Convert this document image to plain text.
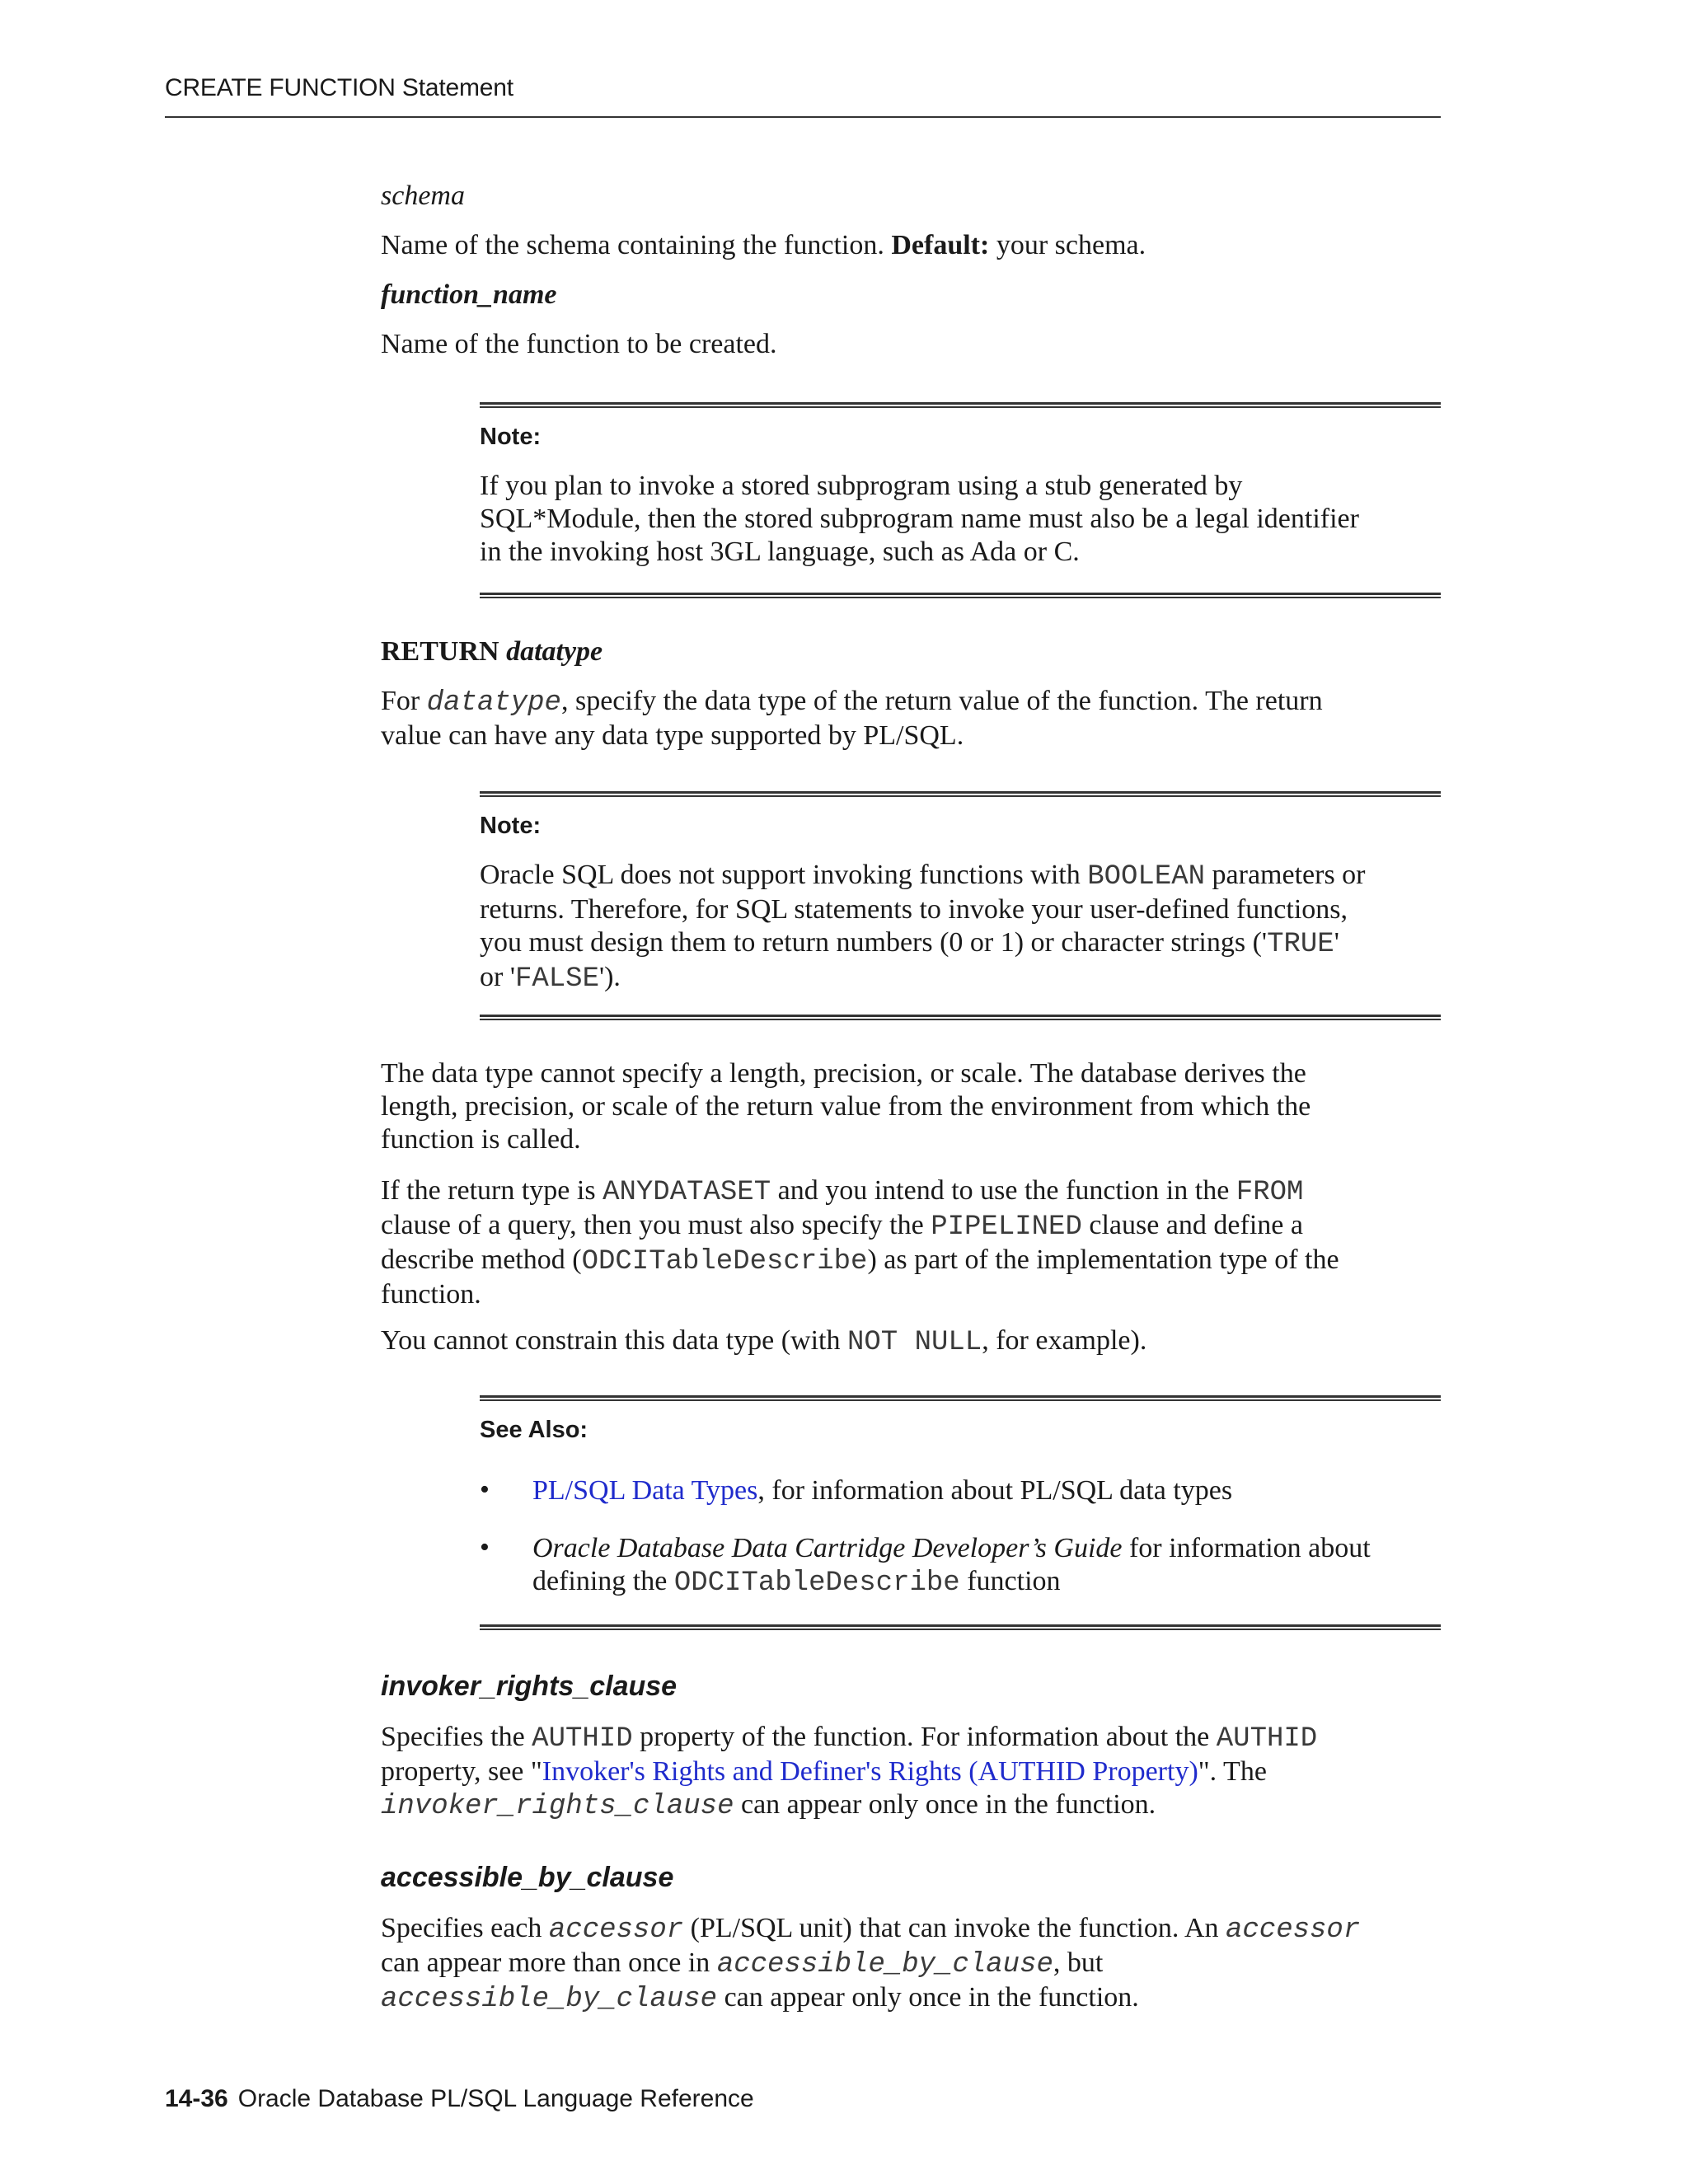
CREATE FUNCTION Statement
schema
Name of the schema containing the function. Default: your schema.
function_name
Name of the function to be created.
Note:
If you plan to invoke a stored subprogram using a stub generated by
SQL*Module, then the stored subprogram name must also be a legal identifier
in the invoking host 3GL language, such as Ada or C.
RETURN datatype
For datatype, specify the data type of the return value of the function. The return
value can have any data type supported by PL/SQL.
Note:
Oracle SQL does not support invoking functions with BOOLEAN parameters or
returns. Therefore, for SQL statements to invoke your user-defined functions,
you must design them to return numbers (0 or 1) or character strings ('TRUE'
or 'FALSE').
The data type cannot specify a length, precision, or scale. The database derives the
length, precision, or scale of the return value from the environment from which the
function is called.
If the return type is ANYDATASET and you intend to use the function in the FROM
clause of a query, then you must also specify the PIPELINED clause and define a
describe method (ODCITableDescribe) as part of the implementation type of the
function.
You cannot constrain this data type (with NOT NULL, for example).
See Also:
• PL/SQL Data Types, for information about PL/SQL data types
• Oracle Database Data Cartridge Developer’s Guide for information about
defining the ODCITableDescribe function
invoker_rights_clause
Specifies the AUTHID property of the function. For information about the AUTHID
property, see "Invoker's Rights and Definer's Rights (AUTHID Property)". The
invoker_rights_clause can appear only once in the function.
accessible_by_clause
Specifies each accessor (PL/SQL unit) that can invoke the function. An accessor
can appear more than once in accessible_by_clause, but
accessible_by_clause can appear only once in the function.
14-36 Oracle Database PL/SQL Language Reference
